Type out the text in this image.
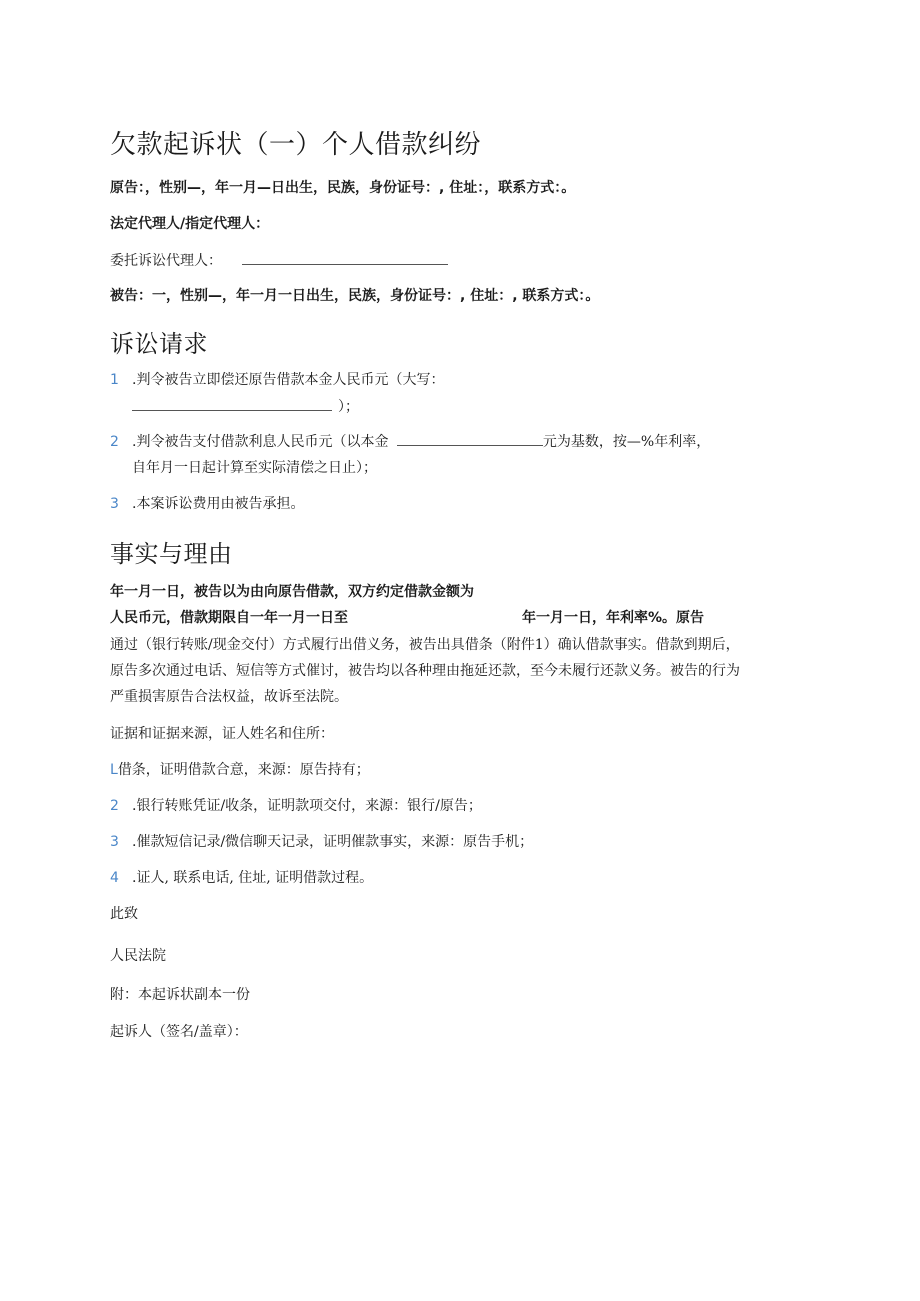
欠款起诉状（一）个人借款纠纷
原告：，性别—，年一月—日出生，民族，身份证号：, 住址：，联系方式：。
法定代理人/指定代理人：
委托诉讼代理人：
被告：一，性别—，年一月一日出生，民族，身份证号：, 住址：, 联系方式：。
诉讼请求
1 .判令被告立即偿还原告借款本金人民币元（大写：
）；
2 .判令被告支付借款利息人民币元（以本金	元为基数，按—%年利率，
自年月一日起计算至实际清偿之日止）；
3 .本案诉讼费用由被告承担。
事实与理由
年一月一日，被告以为由向原告借款，双方约定借款金额为
人民币元，借款期限自一年一月一日至	年一月一日，年利率%。原告
通过（银行转账/现金交付）方式履行出借义务，被告出具借条（附件1）确认借款事实。借款到期后，
原告多次通过电话、短信等方式催讨，被告均以各种理由拖延还款，至今未履行还款义务。被告的行为
严重损害原告合法权益，故诉至法院。
证据和证据来源，证人姓名和住所：
L借条，证明借款合意，来源：原告持有；
2 .银行转账凭证/收条，证明款项交付，来源：银行/原告；
3 .催款短信记录/微信聊天记录，证明催款事实，来源：原告手机；
4 .证人, 联系电话, 住址, 证明借款过程。
此致
人民法院
附：本起诉状副本一份
起诉人（签名/盖章）：
